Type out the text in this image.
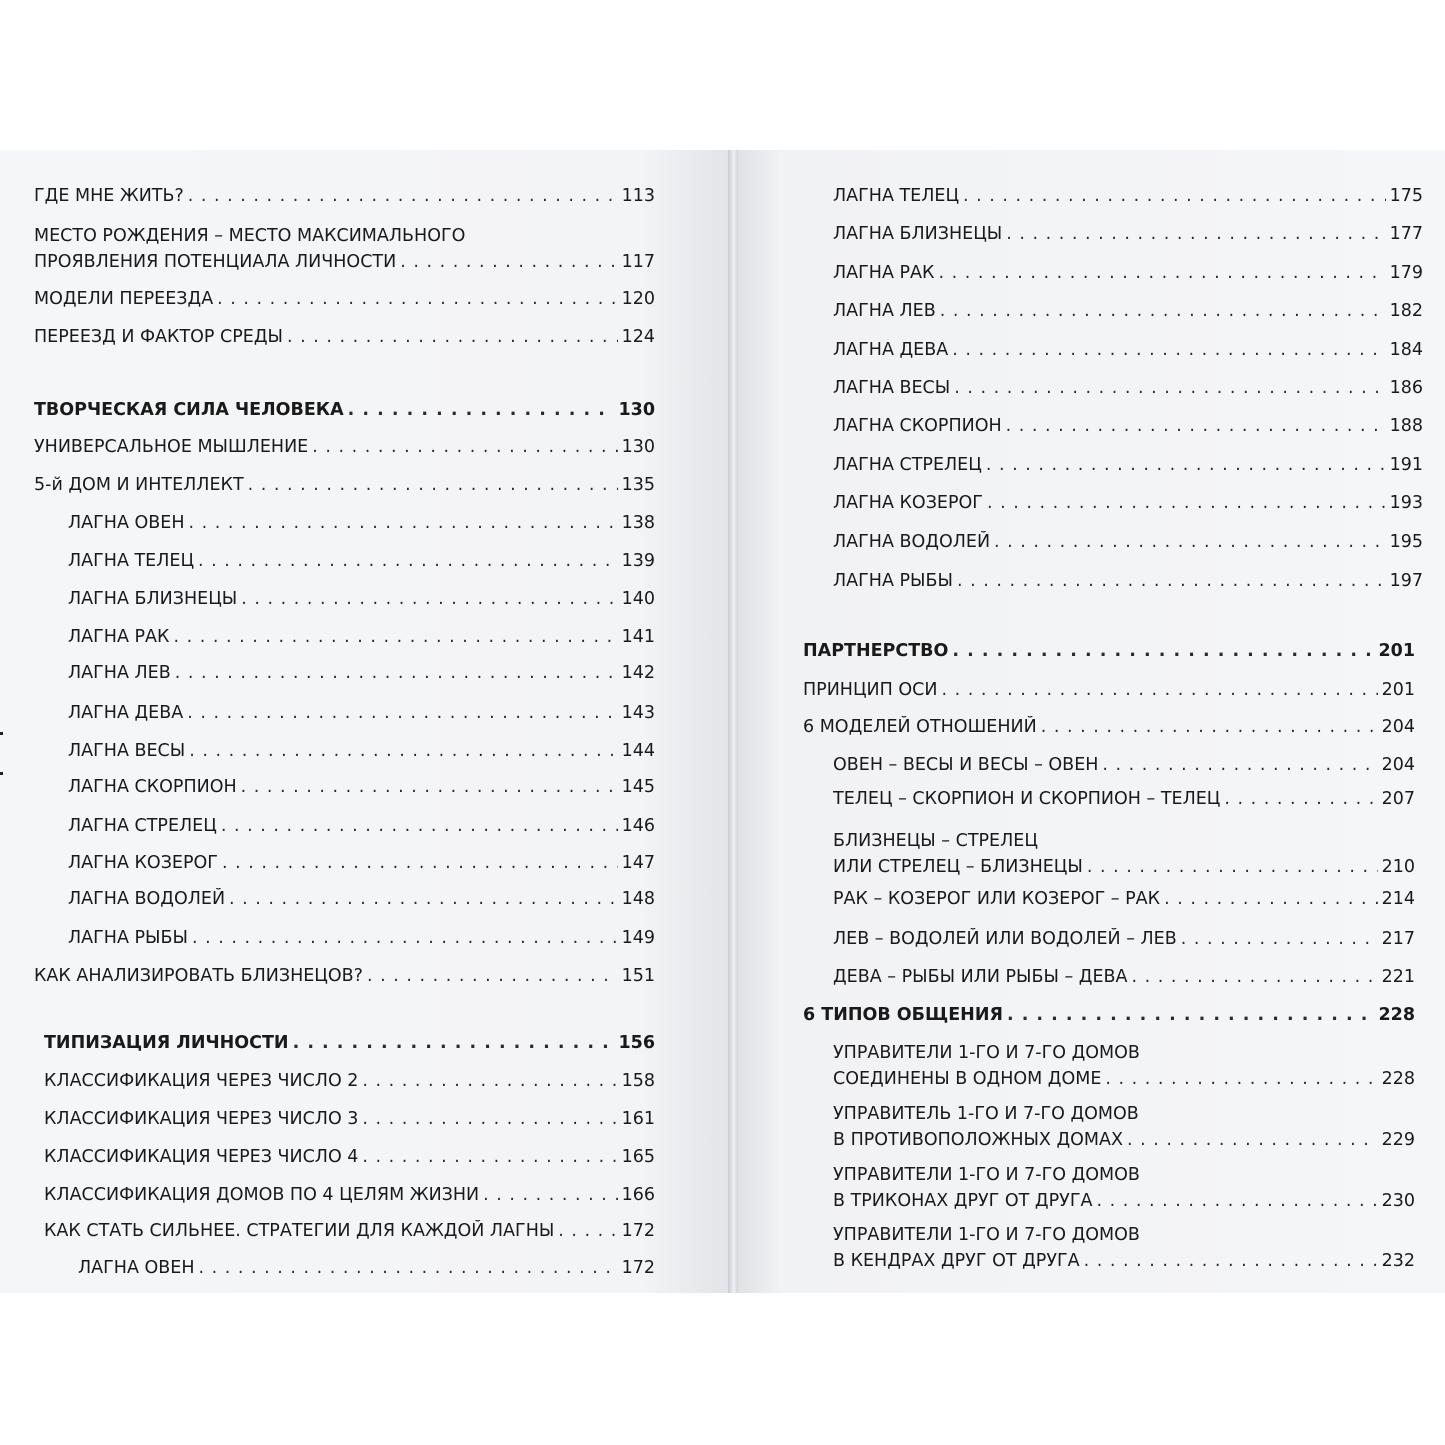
ГДЕ МНЕ ЖИТЬ? . . .	113
МЕСТО РОЖДЕНИЯ – МЕСТО МАКСИМАЛЬНОГО
ПРОЯВЛЕНИЯ ПОТЕНЦИАЛА ЛИЧНОСТИ . . .	117
МОДЕЛИ ПЕРЕЕЗДА . . .	120
ПЕРЕЕЗД И ФАКТОР СРЕДЫ . . .	124
ТВОРЧЕСКАЯ СИЛА ЧЕЛОВЕКА . . .	130
УНИВЕРСАЛЬНОЕ МЫШЛЕНИЕ . . .	130
5-й ДОМ И ИНТЕЛЛЕКТ . . .	135
ЛАГНА ОВЕН . . .	138
ЛАГНА ТЕЛЕЦ . . .	139
ЛАГНА БЛИЗНЕЦЫ . . .	140
ЛАГНА РАК . . .	141
ЛАГНА ЛЕВ . . .	142
ЛАГНА ДЕВА . . .	143
ЛАГНА ВЕСЫ . . .	144
ЛАГНА СКОРПИОН . . .	145
ЛАГНА СТРЕЛЕЦ . . .	146
ЛАГНА КОЗЕРОГ . . .	147
ЛАГНА ВОДОЛЕЙ . . .	148
ЛАГНА РЫБЫ . . .	149
КАК АНАЛИЗИРОВАТЬ БЛИЗНЕЦОВ? . . .	151
ТИПИЗАЦИЯ ЛИЧНОСТИ . . .	156
КЛАССИФИКАЦИЯ ЧЕРЕЗ ЧИСЛО 2 . . .	158
КЛАССИФИКАЦИЯ ЧЕРЕЗ ЧИСЛО 3 . . .	161
КЛАССИФИКАЦИЯ ЧЕРЕЗ ЧИСЛО 4 . . .	165
КЛАССИФИКАЦИЯ ДОМОВ ПО 4 ЦЕЛЯМ ЖИЗНИ . . .	166
КАК СТАТЬ СИЛЬНЕЕ. СТРАТЕГИИ ДЛЯ КАЖДОЙ ЛАГНЫ . . .	172
ЛАГНА ОВЕН . . .	172
ЛАГНА ТЕЛЕЦ . . .	175
ЛАГНА БЛИЗНЕЦЫ . . .	177
ЛАГНА РАК . . .	179
ЛАГНА ЛЕВ . . .	182
ЛАГНА ДЕВА . . .	184
ЛАГНА ВЕСЫ . . .	186
ЛАГНА СКОРПИОН . . .	188
ЛАГНА СТРЕЛЕЦ . . .	191
ЛАГНА КОЗЕРОГ . . .	193
ЛАГНА ВОДОЛЕЙ . . .	195
ЛАГНА РЫБЫ . . .	197
ПАРТНЕРСТВО . . .	201
ПРИНЦИП ОСИ . . .	201
6 МОДЕЛЕЙ ОТНОШЕНИЙ . . .	204
ОВЕН – ВЕСЫ И ВЕСЫ – ОВЕН . . .	204
ТЕЛЕЦ – СКОРПИОН И СКОРПИОН – ТЕЛЕЦ . . .	207
БЛИЗНЕЦЫ – СТРЕЛЕЦ
ИЛИ СТРЕЛЕЦ – БЛИЗНЕЦЫ . . .	210
РАК – КОЗЕРОГ ИЛИ КОЗЕРОГ – РАК . . .	214
ЛЕВ – ВОДОЛЕЙ ИЛИ ВОДОЛЕЙ – ЛЕВ . . .	217
ДЕВА – РЫБЫ ИЛИ РЫБЫ – ДЕВА . . .	221
6 ТИПОВ ОБЩЕНИЯ . . .	228
УПРАВИТЕЛИ 1-ГО И 7-ГО ДОМОВ
СОЕДИНЕНЫ В ОДНОМ ДОМЕ . . .	228
УПРАВИТЕЛЬ 1-ГО И 7-ГО ДОМОВ
В ПРОТИВОПОЛОЖНЫХ ДОМАХ . . .	229
УПРАВИТЕЛИ 1-ГО И 7-ГО ДОМОВ
В ТРИКОНАХ ДРУГ ОТ ДРУГА . . .	230
УПРАВИТЕЛИ 1-ГО И 7-ГО ДОМОВ
В КЕНДРАХ ДРУГ ОТ ДРУГА . . .	232
